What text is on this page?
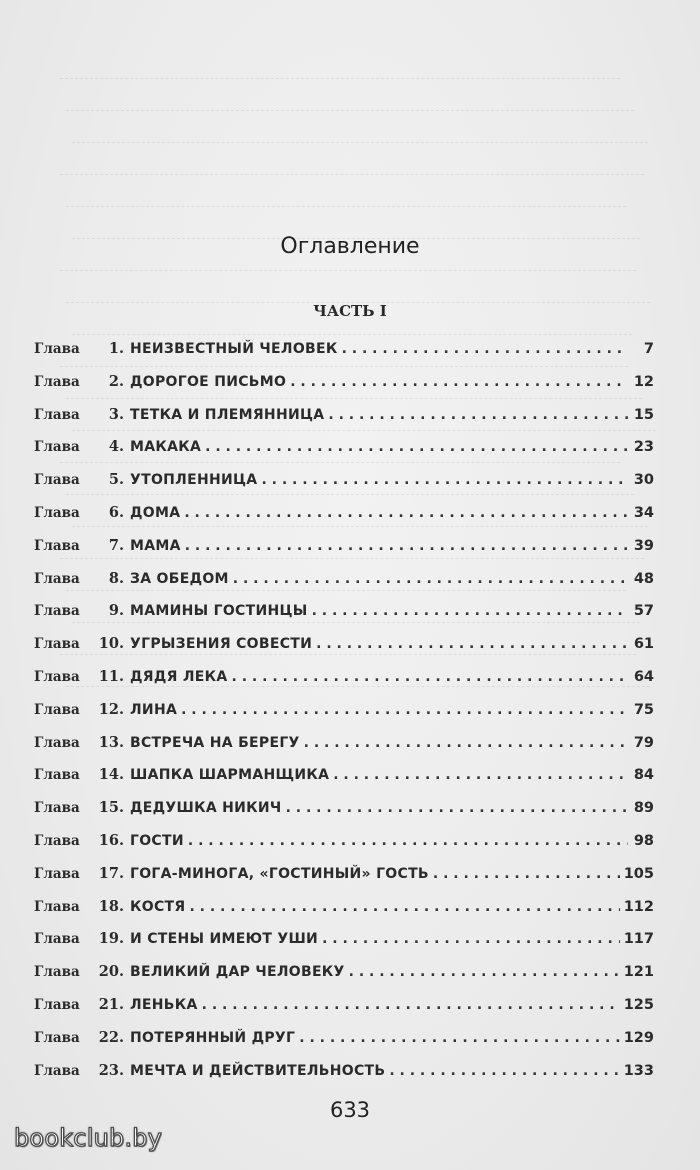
Оглавление
ЧАСТЬ I
Глава	1. НЕИЗВЕСТНЫЙ ЧЕЛОВЕК . . .	7
Глава	2. ДОРОГОЕ ПИСЬМО . . .	12
Глава	3. ТЕТКА И ПЛЕМЯННИЦА . . .	15
Глава	4. МАКАКА . . .	23
Глава	5. УТОПЛЕННИЦА . . .	30
Глава	6. ДОМА . . .	34
Глава	7. МАМА . . .	39
Глава	8. ЗА ОБЕДОМ . . .	48
Глава	9. МАМИНЫ ГОСТИНЦЫ . . .	57
Глава	10. УГРЫЗЕНИЯ СОВЕСТИ . . .	61
Глава	11. ДЯДЯ ЛЕКА . . .	64
Глава	12. ЛИНА . . .	75
Глава	13. ВСТРЕЧА НА БЕРЕГУ . . .	79
Глава	14. ШАПКА ШАРМАНЩИКА . . .	84
Глава	15. ДЕДУШКА НИКИЧ . . .	89
Глава	16. ГОСТИ . . .	98
Глава	17. ГОГА-МИНОГА, «ГОСТИНЫЙ» ГОСТЬ . . .	105
Глава	18. КОСТЯ . . .	112
Глава	19. И СТЕНЫ ИМЕЮТ УШИ . . .	117
Глава	20. ВЕЛИКИЙ ДАР ЧЕЛОВЕКУ . . .	121
Глава	21. ЛЕНЬКА . . .	125
Глава	22. ПОТЕРЯННЫЙ ДРУГ . . .	129
Глава	23. МЕЧТА И ДЕЙСТВИТЕЛЬНОСТЬ . . .	133
633
bookclub.by
